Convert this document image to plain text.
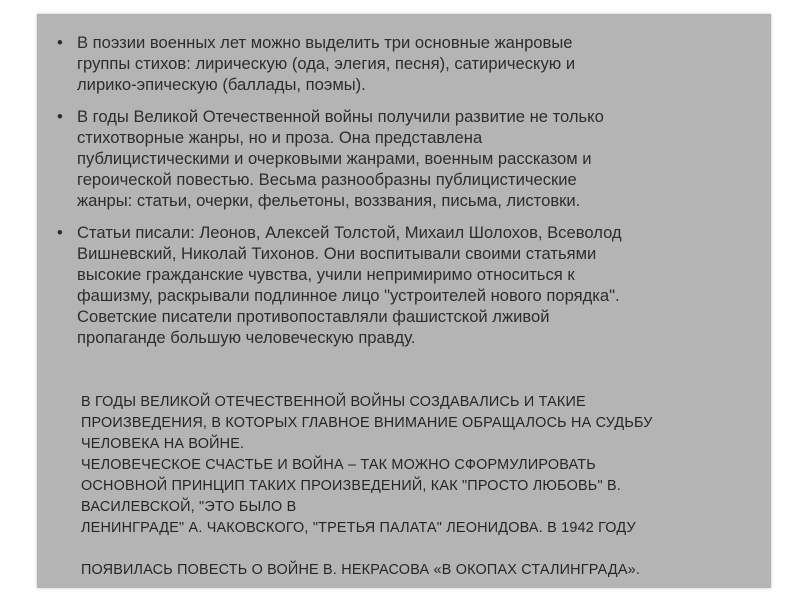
• В поэзии военных лет можно выделить три основные жанровые
группы стихов: лирическую (ода, элегия, песня), сатирическую и
лирико-эпическую (баллады, поэмы).
• В годы Великой Отечественной войны получили развитие не только
стихотворные жанры, но и проза. Она представлена
публицистическими и очерковыми жанрами, военным рассказом и
героической повестью. Весьма разнообразны публицистические
жанры: статьи, очерки, фельетоны, воззвания, письма, листовки.
• Статьи писали: Леонов, Алексей Толстой, Михаил Шолохов, Всеволод
Вишневский, Николай Тихонов. Они воспитывали своими статьями
высокие гражданские чувства, учили непримиримо относиться к
фашизму, раскрывали подлинное лицо "устроителей нового порядка".
Советские писатели противопоставляли фашистской лживой
пропаганде большую человеческую правду.

В ГОДЫ ВЕЛИКОЙ ОТЕЧЕСТВЕННОЙ ВОЙНЫ СОЗДАВАЛИСЬ И ТАКИЕ

ПРОИЗВЕДЕНИЯ, В КОТОРЫХ ГЛАВНОЕ ВНИМАНИЕ ОБРАЩАЛОСЬ НА СУДЬБУ

ЧЕЛОВЕКА НА ВОЙНЕ.

ЧЕЛОВЕЧЕСКОЕ СЧАСТЬЕ И ВОЙНА – ТАК МОЖНО СФОРМУЛИРОВАТЬ

ОСНОВНОЙ ПРИНЦИП ТАКИХ ПРОИЗВЕДЕНИЙ, КАК "ПРОСТО ЛЮБОВЬ" В.

ВАСИЛЕВСКОЙ, "ЭТО БЫЛО В

ЛЕНИНГРАДЕ" А. ЧАКОВСКОГО, "ТРЕТЬЯ ПАЛАТА" ЛЕОНИДОВА. В 1942 ГОДУ

ПОЯВИЛАСЬ ПОВЕСТЬ О ВОЙНЕ В. НЕКРАСОВА «В ОКОПАХ СТАЛИНГРАДА».
